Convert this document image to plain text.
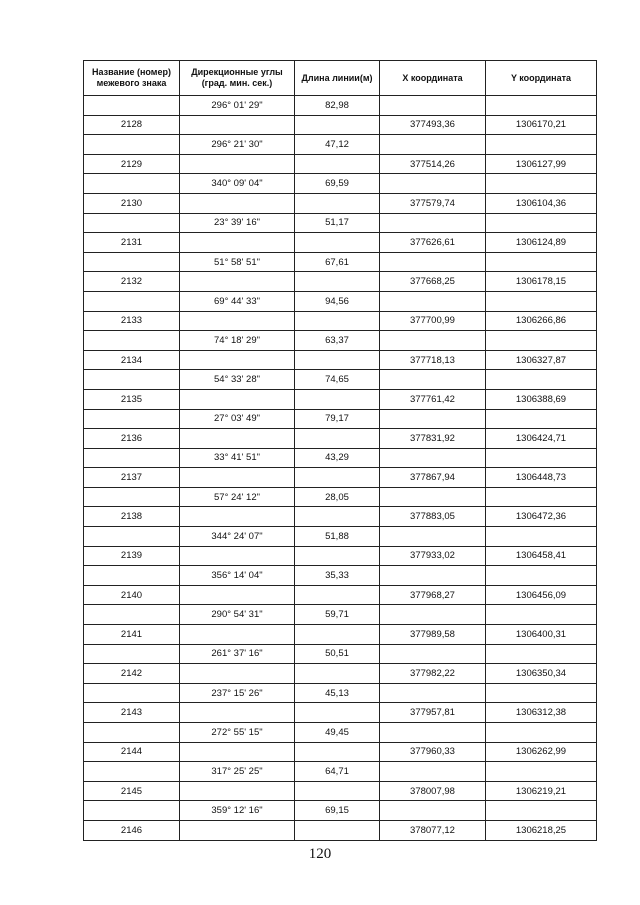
Название (номер) межевого знака	Дирекционные углы (град. мин. сек.)	Длина линии(м)	X координата	Y координата
	296° 01' 29"	82,98		
2128			377493,36	1306170,21
	296° 21' 30"	47,12		
2129			377514,26	1306127,99
	340° 09' 04"	69,59		
2130			377579,74	1306104,36
	23° 39' 16"	51,17		
2131			377626,61	1306124,89
	51° 58' 51"	67,61		
2132			377668,25	1306178,15
	69° 44' 33"	94,56		
2133			377700,99	1306266,86
	74° 18' 29"	63,37		
2134			377718,13	1306327,87
	54° 33' 28"	74,65		
2135			377761,42	1306388,69
	27° 03' 49"	79,17		
2136			377831,92	1306424,71
	33° 41' 51"	43,29		
2137			377867,94	1306448,73
	57° 24' 12"	28,05		
2138			377883,05	1306472,36
	344° 24' 07"	51,88		
2139			377933,02	1306458,41
	356° 14' 04"	35,33		
2140			377968,27	1306456,09
	290° 54' 31"	59,71		
2141			377989,58	1306400,31
	261° 37' 16"	50,51		
2142			377982,22	1306350,34
	237° 15' 26"	45,13		
2143			377957,81	1306312,38
	272° 55' 15"	49,45		
2144			377960,33	1306262,99
	317° 25' 25"	64,71		
2145			378007,98	1306219,21
	359° 12' 16"	69,15		
2146			378077,12	1306218,25
120
